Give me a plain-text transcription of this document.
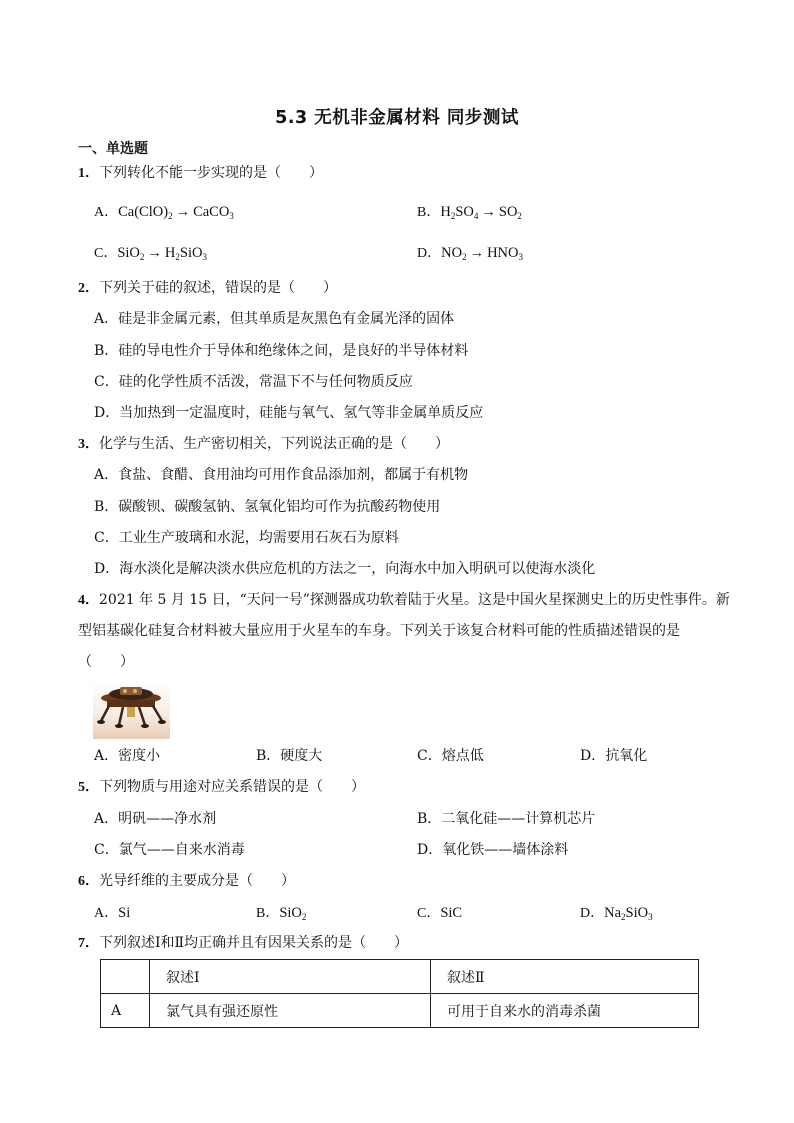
5.3 无机非金属材料 同步测试
一、单选题
1．下列转化不能一步实现的是（　　）
A．$Ca(ClO)_2$ → CaCO$_3$	B．$H_2SO_4 \to SO_2$
C．$SiO_2 \to H_2SiO_3$	D．$NO_2 \to HNO_3$
2．下列关于硅的叙述，错误的是（　　）
A．硅是非金属元素，但其单质是灰黑色有金属光泽的固体
B．硅的导电性介于导体和绝缘体之间，是良好的半导体材料
C．硅的化学性质不活泼，常温下不与任何物质反应
D．当加热到一定温度时，硅能与氧气、氢气等非金属单质反应
3．化学与生活、生产密切相关，下列说法正确的是（　　）
A．食盐、食醋、食用油均可用作食品添加剂，都属于有机物
B．碳酸钡、碳酸氢钠、氢氧化铝均可作为抗酸药物使用
C．工业生产玻璃和水泥，均需要用石灰石为原料
D．海水淡化是解决淡水供应危机的方法之一，向海水中加入明矾可以使海水淡化
4．2021 年 5 月 15 日，“天问一号”探测器成功软着陆于火星。这是中国火星探测史上的历史性事件。新
型铝基碳化硅复合材料被大量应用于火星车的车身。下列关于该复合材料可能的性质描述错误的是
（　　）
A．密度小	B．硬度大	C．熔点低	D．抗氧化
5．下列物质与用途对应关系错误的是（　　）
A．明矾——净水剂	B．二氧化硅——计算机芯片
C．氯气——自来水消毒	D．氧化铁——墙体涂料
6．光导纤维的主要成分是（　　）
A．Si	B．SiO$_2$	C．SiC	D．$Na_2SiO_3$
7．下列叙述Ⅰ和Ⅱ均正确并且有因果关系的是（　　）
	叙述Ⅰ	叙述Ⅱ
A	氯气具有强还原性	可用于自来水的消毒杀菌
